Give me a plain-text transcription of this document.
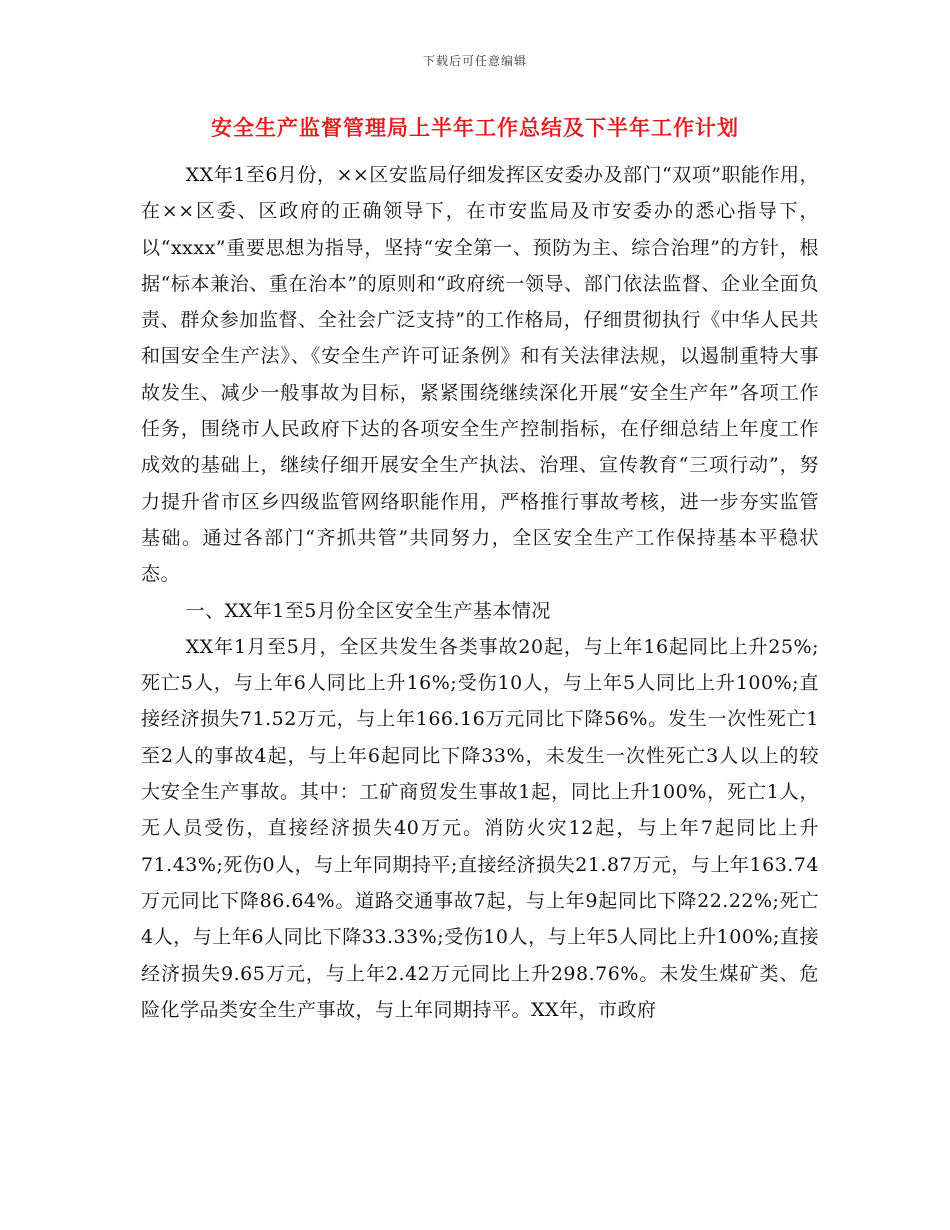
下载后可任意编辑
安全生产监督管理局上半年工作总结及下半年工作计划

XX年1至6月份，××区安监局仔细发挥区安委办及部门“双项”职能作用，在××区委、区政府的正确领导下，在市安监局及市安委办的悉心指导下，以“xxxx”重要思想为指导，坚持“安全第一、预防为主、综合治理”的方针，根据“标本兼治、重在治本”的原则和“政府统一领导、部门依法监督、企业全面负责、群众参加监督、全社会广泛支持”的工作格局，仔细贯彻执行《中华人民共和国安全生产法》、《安全生产许可证条例》和有关法律法规，以遏制重特大事故发生、减少一般事故为目标，紧紧围绕继续深化开展“安全生产年”各项工作任务，围绕市人民政府下达的各项安全生产控制指标，在仔细总结上年度工作成效的基础上，继续仔细开展安全生产执法、治理、宣传教育“三项行动”，努力提升省市区乡四级监管网络职能作用，严格推行事故考核，进一步夯实监管基础。通过各部门“齐抓共管”共同努力，全区安全生产工作保持基本平稳状态。

一、XX年1至5月份全区安全生产基本情况

XX年1月至5月，全区共发生各类事故20起，与上年16起同比上升25%;死亡5人，与上年6人同比上升16%;受伤10人，与上年5人同比上升100%;直接经济损失71.52万元，与上年166.16万元同比下降56%。发生一次性死亡1至2人的事故4起，与上年6起同比下降33%，未发生一次性死亡3人以上的较大安全生产事故。其中：工矿商贸发生事故1起，同比上升100%，死亡1人，无人员受伤，直接经济损失40万元。消防火灾12起，与上年7起同比上升71.43%;死伤0人，与上年同期持平;直接经济损失21.87万元，与上年163.74万元同比下降86.64%。道路交通事故7起，与上年9起同比下降22.22%;死亡4人，与上年6人同比下降33.33%;受伤10人，与上年5人同比上升100%;直接经济损失9.65万元，与上年2.42万元同比上升298.76%。未发生煤矿类、危险化学品类安全生产事故，与上年同期持平。XX年，市政府
